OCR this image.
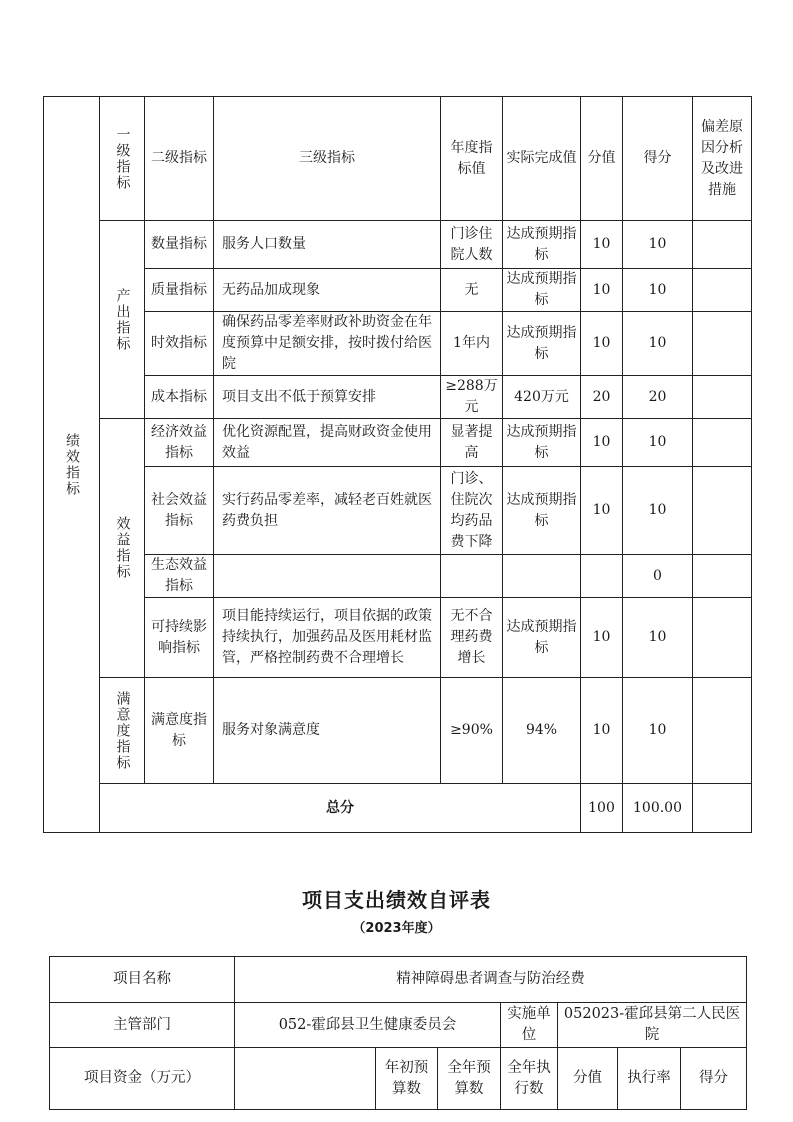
绩效指标	一级指标	二级指标	三级指标	年度指标值	实际完成值	分值	得分	偏差原因分析及改进措施
	产出指标	数量指标	服务人口数量	门诊住院人数	达成预期指标	10	10	
		质量指标	无药品加成现象	无	达成预期指标	10	10	
		时效指标	确保药品零差率财政补助资金在年度预算中足额安排，按时拨付给医院	1年内	达成预期指标	10	10	
		成本指标	项目支出不低于预算安排	≥288万元	420万元	20	20	
	效益指标	经济效益指标	优化资源配置，提高财政资金使用效益	显著提高	达成预期指标	10	10	
		社会效益指标	实行药品零差率，减轻老百姓就医药费负担	门诊、住院次均药品费下降	达成预期指标	10	10	
		生态效益指标					0	
		可持续影响指标	项目能持续运行，项目依据的政策持续执行，加强药品及医用耗材监管，严格控制药费不合理增长	无不合理药费增长	达成预期指标	10	10	
	满意度指标	满意度指标	服务对象满意度	≥90%	94%	10	10	
	总分					100	100.00	
项目支出绩效自评表
（2023年度）
项目名称	精神障碍患者调查与防治经费						
主管部门	052-霍邱县卫生健康委员会			实施单位	052023-霍邱县第二人民医院		
项目资金（万元）		年初预算数	全年预算数	全年执行数	分值	执行率	得分
